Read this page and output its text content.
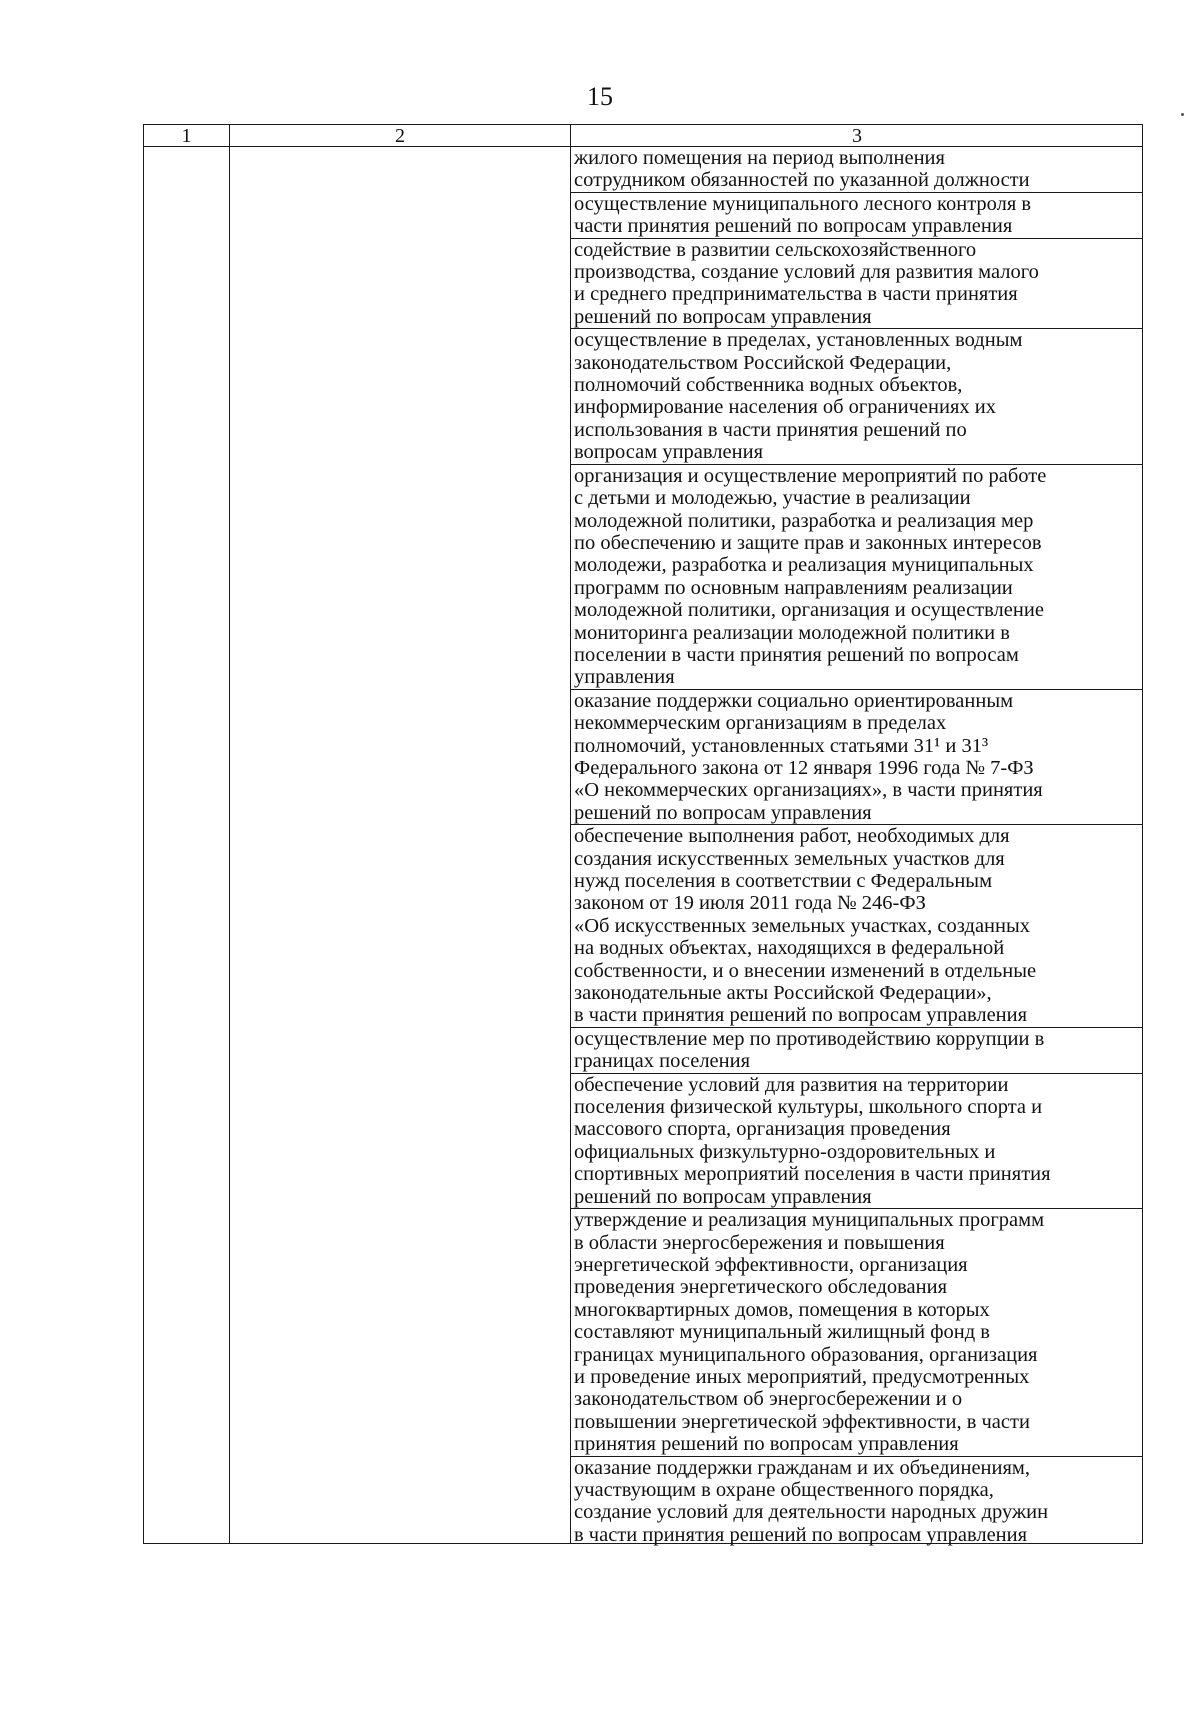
15
1	2	3
жилого помещения на период выполнения
сотрудником обязанностей по указанной должности
осуществление муниципального лесного контроля в
части принятия решений по вопросам управления
содействие в развитии сельскохозяйственного
производства, создание условий для развития малого
и среднего предпринимательства в части принятия
решений по вопросам управления
осуществление в пределах, установленных водным
законодательством Российской Федерации,
полномочий собственника водных объектов,
информирование населения об ограничениях их
использования в части принятия решений по
вопросам управления
организация и осуществление мероприятий по работе
с детьми и молодежью, участие в реализации
молодежной политики, разработка и реализация мер
по обеспечению и защите прав и законных интересов
молодежи, разработка и реализация муниципальных
программ по основным направлениям реализации
молодежной политики, организация и осуществление
мониторинга реализации молодежной политики в
поселении в части принятия решений по вопросам
управления
оказание поддержки социально ориентированным
некоммерческим организациям в пределах
полномочий, установленных статьями 31¹ и 31³
Федерального закона от 12 января 1996 года № 7-ФЗ
«О некоммерческих организациях», в части принятия
решений по вопросам управления
обеспечение выполнения работ, необходимых для
создания искусственных земельных участков для
нужд поселения в соответствии с Федеральным
законом от 19 июля 2011 года № 246-ФЗ
«Об искусственных земельных участках, созданных
на водных объектах, находящихся в федеральной
собственности, и о внесении изменений в отдельные
законодательные акты Российской Федерации»,
в части принятия решений по вопросам управления
осуществление мер по противодействию коррупции в
границах поселения
обеспечение условий для развития на территории
поселения физической культуры, школьного спорта и
массового спорта, организация проведения
официальных физкультурно-оздоровительных и
спортивных мероприятий поселения в части принятия
решений по вопросам управления
утверждение и реализация муниципальных программ
в области энергосбережения и повышения
энергетической эффективности, организация
проведения энергетического обследования
многоквартирных домов, помещения в которых
составляют муниципальный жилищный фонд в
границах муниципального образования, организация
и проведение иных мероприятий, предусмотренных
законодательством об энергосбережении и о
повышении энергетической эффективности, в части
принятия решений по вопросам управления
оказание поддержки гражданам и их объединениям,
участвующим в охране общественного порядка,
создание условий для деятельности народных дружин
в части принятия решений по вопросам управления
